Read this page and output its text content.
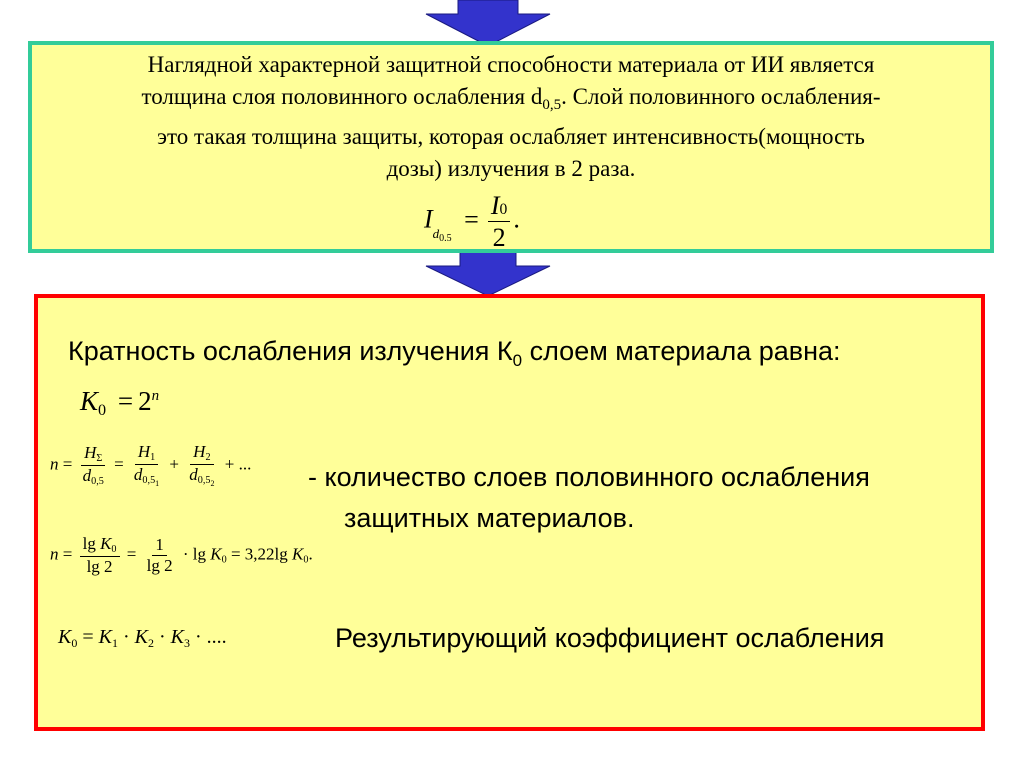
Наглядной характерной защитной способности материала от ИИ является
толщина слоя половинного ослабления $d_{0,5}$. Слой половинного ослабления-
это такая толщина защиты, которая ослабляет интенсивность(мощность
дозы) излучения в 2 раза.
$I_{d_{0.5}} = \frac{I0}{2}$ .
Кратность ослабления излучения $К_0$ слоем материала равна:
$K0 = 2^n$
$n = \frac{H\Sigma}{d0,5} = \frac{H1}{d0,5_1} + \frac{H2}{d0,5_2}$ + ... - количество слоев половинного ослабления
защитных материалов.
$n = \frac{\text{lg K0}}{\lg 2} = \frac{1}{\lg 2} \cdot \lg K0 = 3,22\lg$ K0.
$K_0 = K_1 \cdot K_2 \cdot K_3$ · ....	Результирующий коэффициент ослабления
